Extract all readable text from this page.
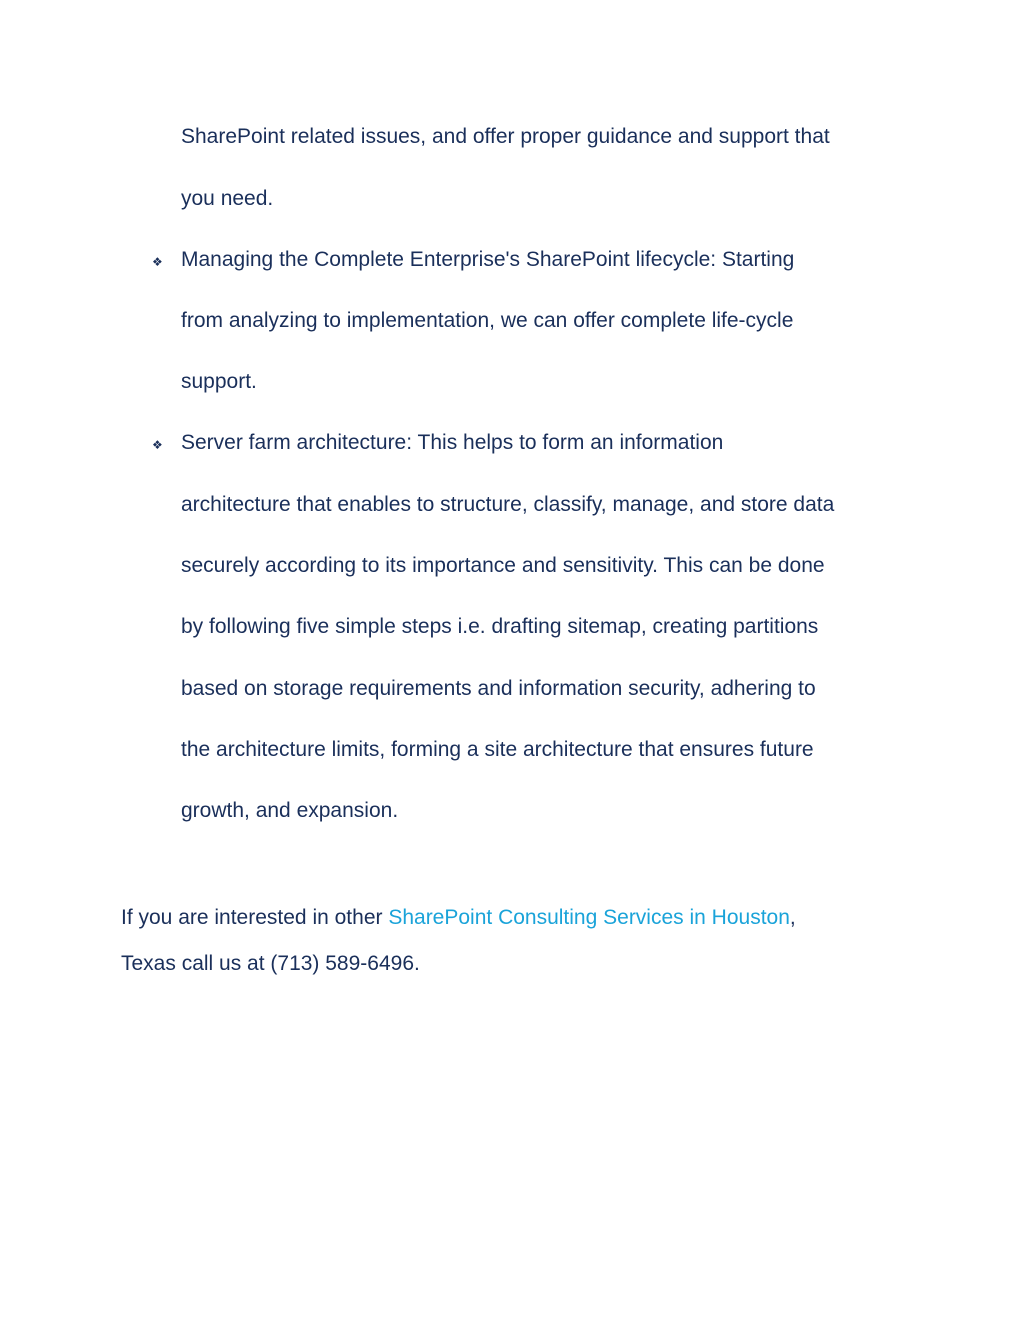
SharePoint related issues, and offer proper guidance and support that
you need.
❖ Managing the Complete Enterprise's SharePoint lifecycle: Starting
from analyzing to implementation, we can offer complete life-cycle
support.
❖ Server farm architecture: This helps to form an information
architecture that enables to structure, classify, manage, and store data
securely according to its importance and sensitivity. This can be done
by following five simple steps i.e. drafting sitemap, creating partitions
based on storage requirements and information security, adhering to
the architecture limits, forming a site architecture that ensures future
growth, and expansion.
If you are interested in other SharePoint Consulting Services in Houston,
Texas call us at (713) 589-6496.
